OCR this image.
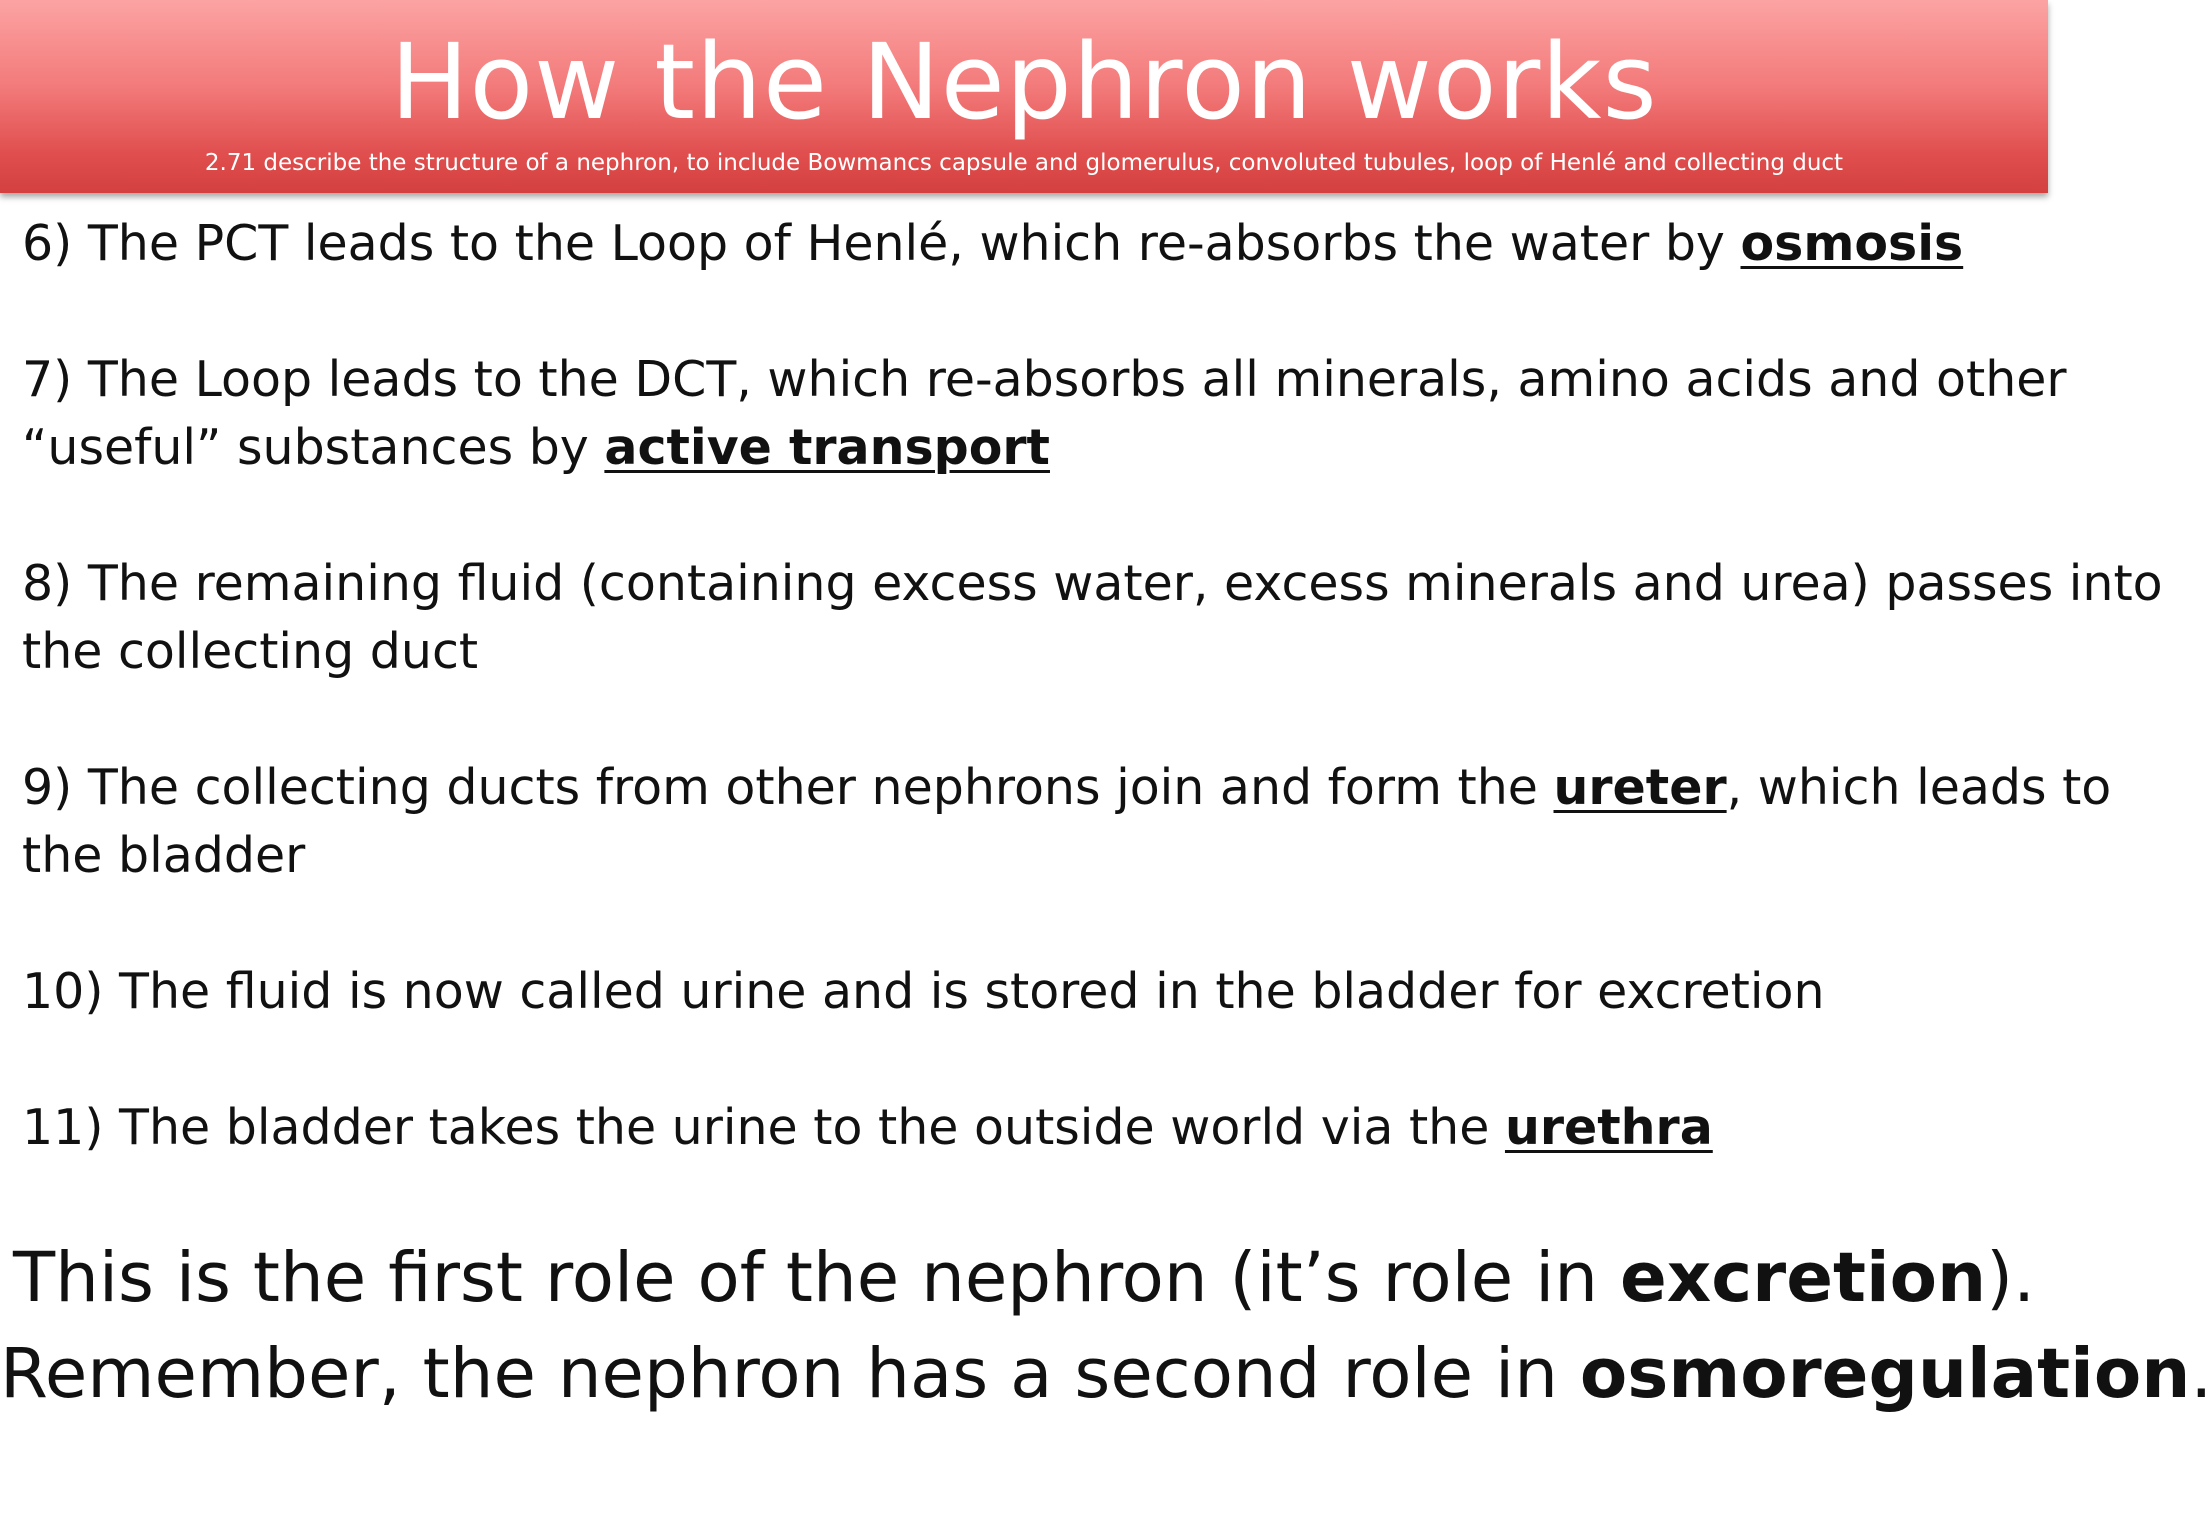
How the Nephron works
2.71 describe the structure of a nephron, to include Bowmancs capsule and glomerulus, convoluted tubules, loop of Henlé and collecting duct
6) The PCT leads to the Loop of Henlé, which re-absorbs the water by osmosis
7) The Loop leads to the DCT, which re-absorbs all minerals, amino acids and other
“useful” substances by active transport
8) The remaining fluid (containing excess water, excess minerals and urea) passes into
the collecting duct
9) The collecting ducts from other nephrons join and form the ureter, which leads to
the bladder
10) The fluid is now called urine and is stored in the bladder for excretion
11) The bladder takes the urine to the outside world via the urethra
This is the first role of the nephron (it’s role in excretion).
Remember, the nephron has a second role in osmoregulation.
